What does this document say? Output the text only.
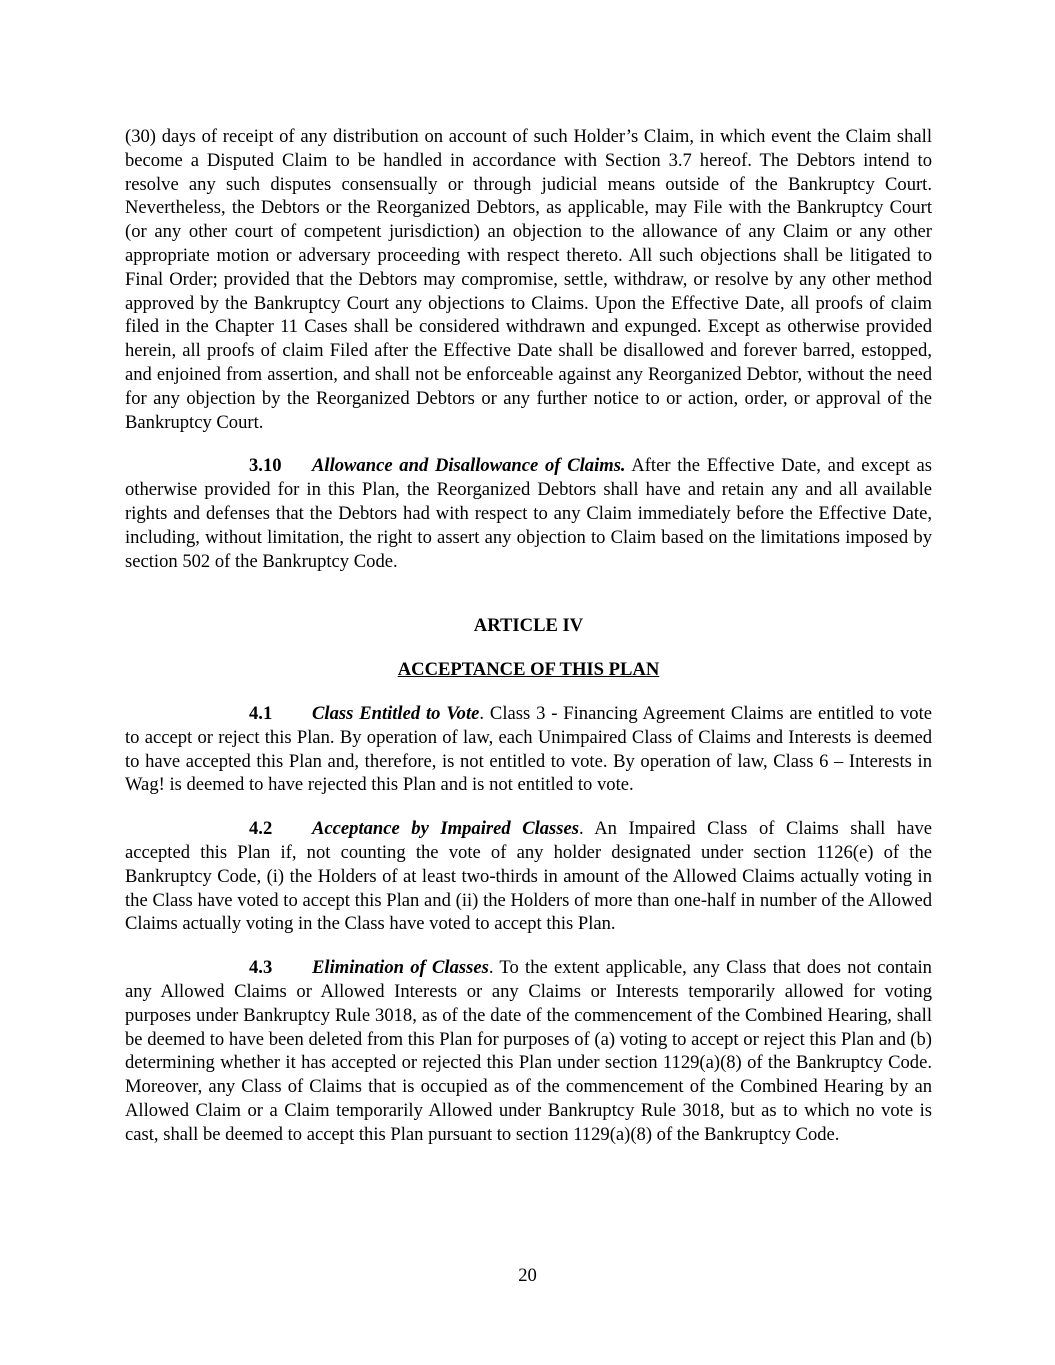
(30) days of receipt of any distribution on account of such Holder’s Claim, in which event the Claim shall become a Disputed Claim to be handled in accordance with Section 3.7 hereof. The Debtors intend to resolve any such disputes consensually or through judicial means outside of the Bankruptcy Court. Nevertheless, the Debtors or the Reorganized Debtors, as applicable, may File with the Bankruptcy Court (or any other court of competent jurisdiction) an objection to the allowance of any Claim or any other appropriate motion or adversary proceeding with respect thereto. All such objections shall be litigated to Final Order; provided that the Debtors may compromise, settle, withdraw, or resolve by any other method approved by the Bankruptcy Court any objections to Claims. Upon the Effective Date, all proofs of claim filed in the Chapter 11 Cases shall be considered withdrawn and expunged. Except as otherwise provided herein, all proofs of claim Filed after the Effective Date shall be disallowed and forever barred, estopped, and enjoined from assertion, and shall not be enforceable against any Reorganized Debtor, without the need for any objection by the Reorganized Debtors or any further notice to or action, order, or approval of the Bankruptcy Court.

3.10 Allowance and Disallowance of Claims. After the Effective Date, and except as otherwise provided for in this Plan, the Reorganized Debtors shall have and retain any and all available rights and defenses that the Debtors had with respect to any Claim immediately before the Effective Date, including, without limitation, the right to assert any objection to Claim based on the limitations imposed by section 502 of the Bankruptcy Code.

ARTICLE IV

ACCEPTANCE OF THIS PLAN

4.1 Class Entitled to Vote. Class 3 - Financing Agreement Claims are entitled to vote to accept or reject this Plan. By operation of law, each Unimpaired Class of Claims and Interests is deemed to have accepted this Plan and, therefore, is not entitled to vote. By operation of law, Class 6 – Interests in Wag! is deemed to have rejected this Plan and is not entitled to vote.

4.2 Acceptance by Impaired Classes. An Impaired Class of Claims shall have accepted this Plan if, not counting the vote of any holder designated under section 1126(e) of the Bankruptcy Code, (i) the Holders of at least two-thirds in amount of the Allowed Claims actually voting in the Class have voted to accept this Plan and (ii) the Holders of more than one-half in number of the Allowed Claims actually voting in the Class have voted to accept this Plan.

4.3 Elimination of Classes. To the extent applicable, any Class that does not contain any Allowed Claims or Allowed Interests or any Claims or Interests temporarily allowed for voting purposes under Bankruptcy Rule 3018, as of the date of the commencement of the Combined Hearing, shall be deemed to have been deleted from this Plan for purposes of (a) voting to accept or reject this Plan and (b) determining whether it has accepted or rejected this Plan under section 1129(a)(8) of the Bankruptcy Code. Moreover, any Class of Claims that is occupied as of the commencement of the Combined Hearing by an Allowed Claim or a Claim temporarily Allowed under Bankruptcy Rule 3018, but as to which no vote is cast, shall be deemed to accept this Plan pursuant to section 1129(a)(8) of the Bankruptcy Code.

20
